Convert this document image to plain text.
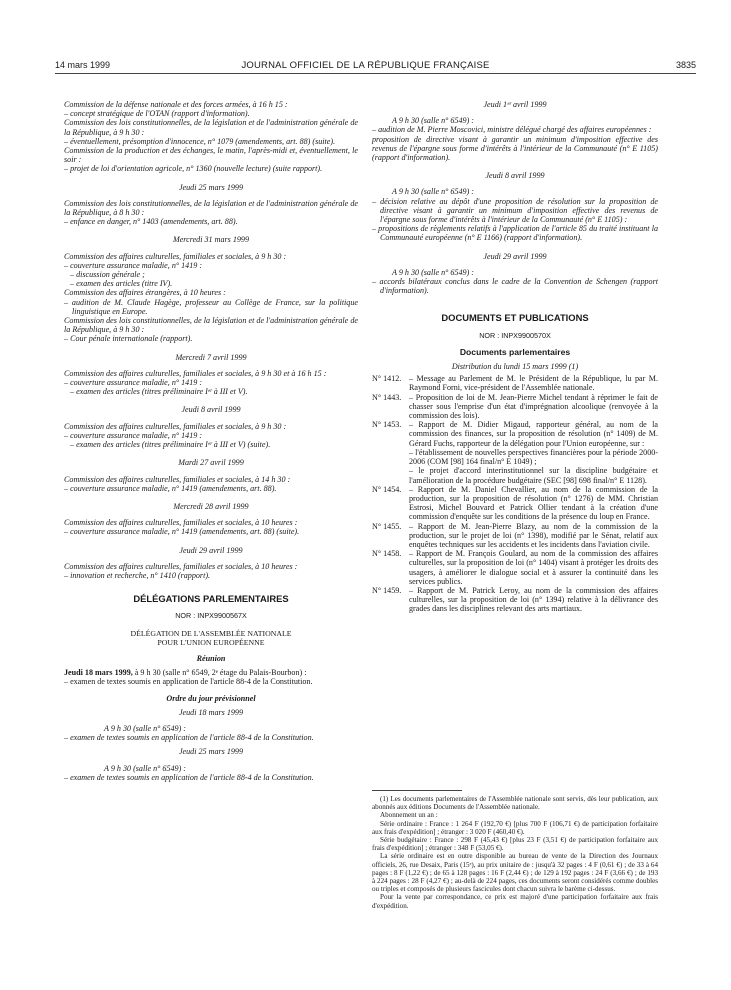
14 mars 1999	JOURNAL OFFICIEL DE LA RÉPUBLIQUE FRANÇAISE	3835
Commission de la défense nationale et des forces armées, à 16 h 15 :
– concept stratégique de l'OTAN (rapport d'information).
Commission des lois constitutionnelles, de la législation et de l'administration générale de la République, à 9 h 30 :
– éventuellement, présomption d'innocence, n° 1079 (amendements, art. 88) (suite).
Commission de la production et des échanges, le matin, l'après-midi et, éventuellement, le soir :
– projet de loi d'orientation agricole, n° 1360 (nouvelle lecture) (suite rapport).
Jeudi 25 mars 1999
Commission des lois constitutionnelles, de la législation et de l'administration générale de la République, à 8 h 30 :
– enfance en danger, n° 1403 (amendements, art. 88).
Mercredi 31 mars 1999
Commission des affaires culturelles, familiales et sociales, à 9 h 30 :
– couverture assurance maladie, n° 1419 :
– discussion générale ;
– examen des articles (titre IV).
Commission des affaires étrangères, à 10 heures :
– audition de M. Claude Hagège, professeur au Collège de France, sur la politique linguistique en Europe.
Commission des lois constitutionnelles, de la législation et de l'administration générale de la République, à 9 h 30 :
– Cour pénale internationale (rapport).
Mercredi 7 avril 1999
Commission des affaires culturelles, familiales et sociales, à 9 h 30 et à 16 h 15 :
– couverture assurance maladie, n° 1419 :
– examen des articles (titres préliminaire Iᵉʳ à III et V).
Jeudi 8 avril 1999
Commission des affaires culturelles, familiales et sociales, à 9 h 30 :
– couverture assurance maladie, n° 1419 :
– examen des articles (titres préliminaire Iᵉʳ à III et V) (suite).
Mardi 27 avril 1999
Commission des affaires culturelles, familiales et sociales, à 14 h 30 :
– couverture assurance maladie, n° 1419 (amendements, art. 88).
Mercredi 28 avril 1999
Commission des affaires culturelles, familiales et sociales, à 10 heures :
– couverture assurance maladie, n° 1419 (amendements, art. 88) (suite).
Jeudi 29 avril 1999
Commission des affaires culturelles, familiales et sociales, à 10 heures :
– innovation et recherche, n° 1410 (rapport).
DÉLÉGATIONS PARLEMENTAIRES
NOR : INPX9900567X
DÉLÉGATION DE L'ASSEMBLÉE NATIONALE
POUR L'UNION EUROPÉENNE
Réunion
Jeudi 18 mars 1999, à 9 h 30 (salle n° 6549, 2ᵉ étage du Palais-Bourbon) :
– examen de textes soumis en application de l'article 88-4 de la Constitution.
Ordre du jour prévisionnel
Jeudi 18 mars 1999
A 9 h 30 (salle n° 6549) :
– examen de textes soumis en application de l'article 88-4 de la Constitution.
Jeudi 25 mars 1999
A 9 h 30 (salle n° 6549) :
– examen de textes soumis en application de l'article 88-4 de la Constitution.
Jeudi 1ᵉʳ avril 1999
A 9 h 30 (salle n° 6549) :
– audition de M. Pierre Moscovici, ministre délégué chargé des affaires européennes :
proposition de directive visant à garantir un minimum d'imposition effective des revenus de l'épargne sous forme d'intérêts à l'intérieur de la Communauté (n° E 1105) (rapport d'information).
Jeudi 8 avril 1999
A 9 h 30 (salle n° 6549) :
– décision relative au dépôt d'une proposition de résolution sur la proposition de directive visant à garantir un minimum d'imposition effective des revenus de l'épargne sous forme d'intérêts à l'intérieur de la Communauté (n° E 1105) :
– propositions de règlements relatifs à l'application de l'article 85 du traité instituant la Communauté européenne (n° E 1166) (rapport d'information).
Jeudi 29 avril 1999
A 9 h 30 (salle n° 6549) :
– accords bilatéraux conclus dans le cadre de la Convention de Schengen (rapport d'information).
DOCUMENTS ET PUBLICATIONS
NOR : INPX9900570X
Documents parlementaires
Distribution du lundi 15 mars 1999 (1)
N° 1412. – Message au Parlement de M. le Président de la République, lu par M. Raymond Forni, vice-président de l'Assemblée nationale.
N° 1443. – Proposition de loi de M. Jean-Pierre Michel tendant à réprimer le fait de chasser sous l'emprise d'un état d'imprégnation alcoolique (renvoyée à la commission des lois).
N° 1453. – Rapport de M. Didier Migaud, rapporteur général, au nom de la commission des finances, sur la proposition de résolution (n° 1409) de M. Gérard Fuchs, rapporteur de la délégation pour l'Union européenne, sur :
– l'établissement de nouvelles perspectives financières pour la période 2000-2006 (COM [98] 164 final/n° E 1049) ;
– le projet d'accord interinstitutionnel sur la discipline budgétaire et l'amélioration de la procédure budgétaire (SEC [98] 698 final/n° E 1128).
N° 1454. – Rapport de M. Daniel Chevallier, au nom de la commission de la production, sur la proposition de résolution (n° 1276) de MM. Christian Estrosi, Michel Bouvard et Patrick Ollier tendant à la création d'une commission d'enquête sur les conditions de la présence du loup en France.
N° 1455. – Rapport de M. Jean-Pierre Blazy, au nom de la commission de la production, sur le projet de loi (n° 1398), modifié par le Sénat, relatif aux enquêtes techniques sur les accidents et les incidents dans l'aviation civile.
N° 1458. – Rapport de M. François Goulard, au nom de la commission des affaires culturelles, sur la proposition de loi (n° 1404) visant à protéger les droits des usagers, à améliorer le dialogue social et à assurer la continuité dans les services publics.
N° 1459. – Rapport de M. Patrick Leroy, au nom de la commission des affaires culturelles, sur la proposition de loi (n° 1394) relative à la délivrance des grades dans les disciplines relevant des arts martiaux.
(1) Les documents parlementaires de l'Assemblée nationale sont servis, dès leur publication, aux abonnés aux éditions Documents de l'Assemblée nationale.
Abonnement un an :
Série ordinaire : France : 1 264 F (192,70 €) [plus 700 F (106,71 €) de participation forfaitaire aux frais d'expédition] ; étranger : 3 020 F (460,40 €).
Série budgétaire : France : 298 F (45,43 €) [plus 23 F (3,51 €) de participation forfaitaire aux frais d'expédition] ; étranger : 348 F (53,05 €).
La série ordinaire est en outre disponible au bureau de vente de la Direction des Journaux officiels, 26, rue Desaix, Paris (15ᵉ), au prix unitaire de : jusqu'à 32 pages : 4 F (0,61 €) ; de 33 à 64 pages : 8 F (1,22 €) ; de 65 à 128 pages : 16 F (2,44 €) ; de 129 à 192 pages : 24 F (3,66 €) ; de 193 à 224 pages : 28 F (4,27 €) ; au-delà de 224 pages, ces documents seront considérés comme doubles ou triples et composés de plusieurs fascicules dont chacun suivra le barème ci-dessus.
Pour la vente par correspondance, ce prix est majoré d'une participation forfaitaire aux frais d'expédition.
